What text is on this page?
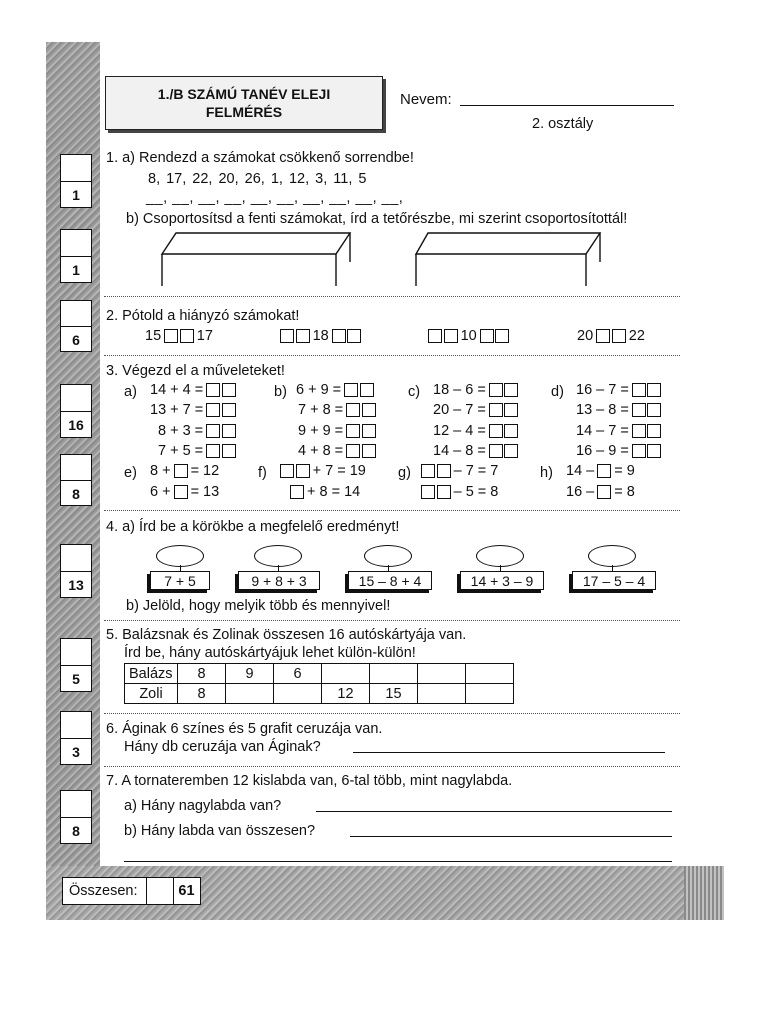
1
1
6
16
8
13
5
3
8
1./B SZÁMÚ TANÉV ELEJI
FELMÉRÉS
Nevem:
2. osztály
1. a) Rendezd a számokat csökkenő sorrendbe!
8, 17, 22, 20, 26, 1, 12, 3, 11, 5
__, __, __, __, __, __, __, __, __, __,
b) Csoportosítsd a fenti számokat, írd a tetőrészbe, mi szerint csoportosítottál!
2. Pótold a hiányzó számokat!
15 17	18	10	20 22
3. Végezd el a műveleteket!
a) 14 + 4 =
13 + 7 =
8 + 3 =
7 + 5 =
b) 6 + 9 =
7 + 8 =
9 + 9 =
4 + 8 =
c) 18 – 6 =
20 – 7 =
12 – 4 =
14 – 8 =
d) 16 – 7 =
13 – 8 =
14 – 7 =
16 – 9 =
e) 8 + = 12
6 + = 13
f)	+ 7 = 19
+ 8 = 14
g)	– 7 = 7
– 5 = 8
h) 14 – = 9
16 – = 8
4. a) Írd be a körökbe a megfelelő eredményt!
7 + 5	9 + 8 + 3	15 – 8 + 4	14 + 3 – 9	17 – 5 – 4
b) Jelöld, hogy melyik több és mennyivel!
5. Balázsnak és Zolinak összesen 16 autóskártyája van.
Írd be, hány autóskártyájuk lehet külön-külön!
Balázs	8	9	6				
Zoli	8			12	15		
6. Áginak 6 színes és 5 grafit ceruzája van.
Hány db ceruzája van Áginak?
7. A tornateremben 12 kislabda van, 6-tal több, mint nagylabda.
a) Hány nagylabda van?
b) Hány labda van összesen?
Összesen:	61
